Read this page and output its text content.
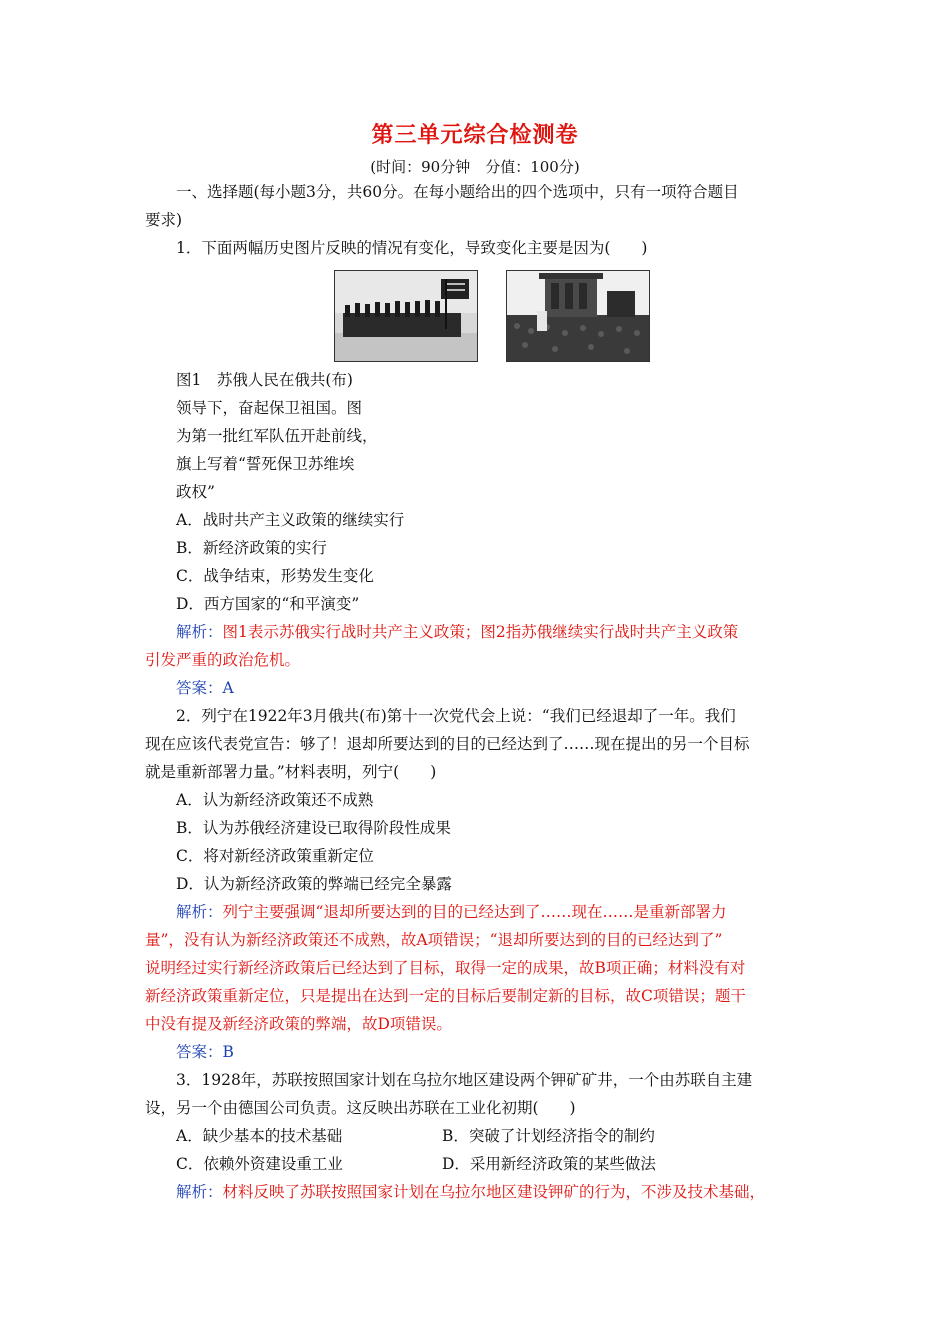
第三单元综合检测卷
(时间：90分钟　分值：100分)
一、选择题(每小题3分，共60分。在每小题给出的四个选项中，只有一项符合题目
要求)
1．下面两幅历史图片反映的情况有变化，导致变化主要是因为(　　)
图1　苏俄人民在俄共(布)
领导下，奋起保卫祖国。图
为第一批红军队伍开赴前线，
旗上写着“誓死保卫苏维埃
政权”
A．战时共产主义政策的继续实行
B．新经济政策的实行
C．战争结束，形势发生变化
D．西方国家的“和平演变”
解析：图1表示苏俄实行战时共产主义政策；图2指苏俄继续实行战时共产主义政策
引发严重的政治危机。
答案：A
2．列宁在1922年3月俄共(布)第十一次党代会上说：“我们已经退却了一年。我们
现在应该代表党宣告：够了！退却所要达到的目的已经达到了……现在提出的另一个目标
就是重新部署力量。”材料表明，列宁(　　)
A．认为新经济政策还不成熟
B．认为苏俄经济建设已取得阶段性成果
C．将对新经济政策重新定位
D．认为新经济政策的弊端已经完全暴露
解析：列宁主要强调“退却所要达到的目的已经达到了……现在……是重新部署力
量”，没有认为新经济政策还不成熟，故A项错误；“退却所要达到的目的已经达到了”
说明经过实行新经济政策后已经达到了目标，取得一定的成果，故B项正确；材料没有对
新经济政策重新定位，只是提出在达到一定的目标后要制定新的目标，故C项错误；题干
中没有提及新经济政策的弊端，故D项错误。
答案：B
3．1928年，苏联按照国家计划在乌拉尔地区建设两个钾矿矿井，一个由苏联自主建
设，另一个由德国公司负责。这反映出苏联在工业化初期(　　)
A．缺少基本的技术基础	B．突破了计划经济指令的制约
C．依赖外资建设重工业	D．采用新经济政策的某些做法
解析：材料反映了苏联按照国家计划在乌拉尔地区建设钾矿的行为，不涉及技术基础，
